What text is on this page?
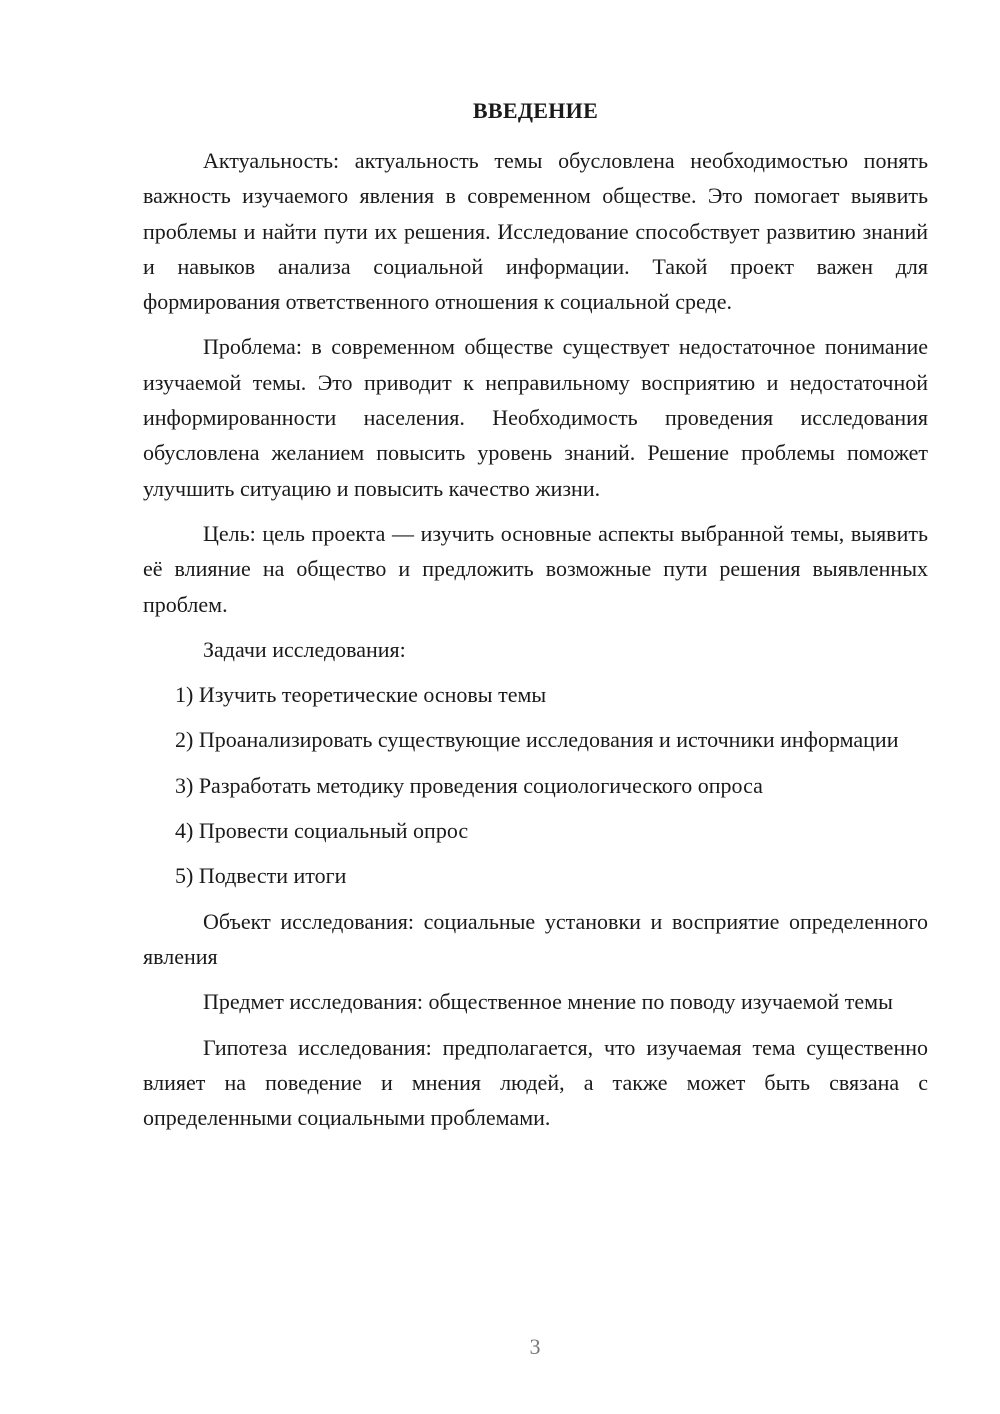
ВВЕДЕНИЕ

Актуальность: актуальность темы обусловлена необходимостью понять важность изучаемого явления в современном обществе. Это помогает выявить проблемы и найти пути их решения. Исследование способствует развитию знаний и навыков анализа социальной информации. Такой проект важен для формирования ответственного отношения к социальной среде.

Проблема: в современном обществе существует недостаточное понимание изучаемой темы. Это приводит к неправильному восприятию и недостаточной информированности населения. Необходимость проведения исследования обусловлена желанием повысить уровень знаний. Решение проблемы поможет улучшить ситуацию и повысить качество жизни.

Цель: цель проекта — изучить основные аспекты выбранной темы, выявить её влияние на общество и предложить возможные пути решения выявленных проблем.

Задачи исследования:

1) Изучить теоретические основы темы

2) Проанализировать существующие исследования и источники информации

3) Разработать методику проведения социологического опроса

4) Провести социальный опрос

5) Подвести итоги

Объект исследования: социальные установки и восприятие определенного явления

Предмет исследования: общественное мнение по поводу изучаемой темы

Гипотеза исследования: предполагается, что изучаемая тема существенно влияет на поведение и мнения людей, а также может быть связана с определенными социальными проблемами.

3
